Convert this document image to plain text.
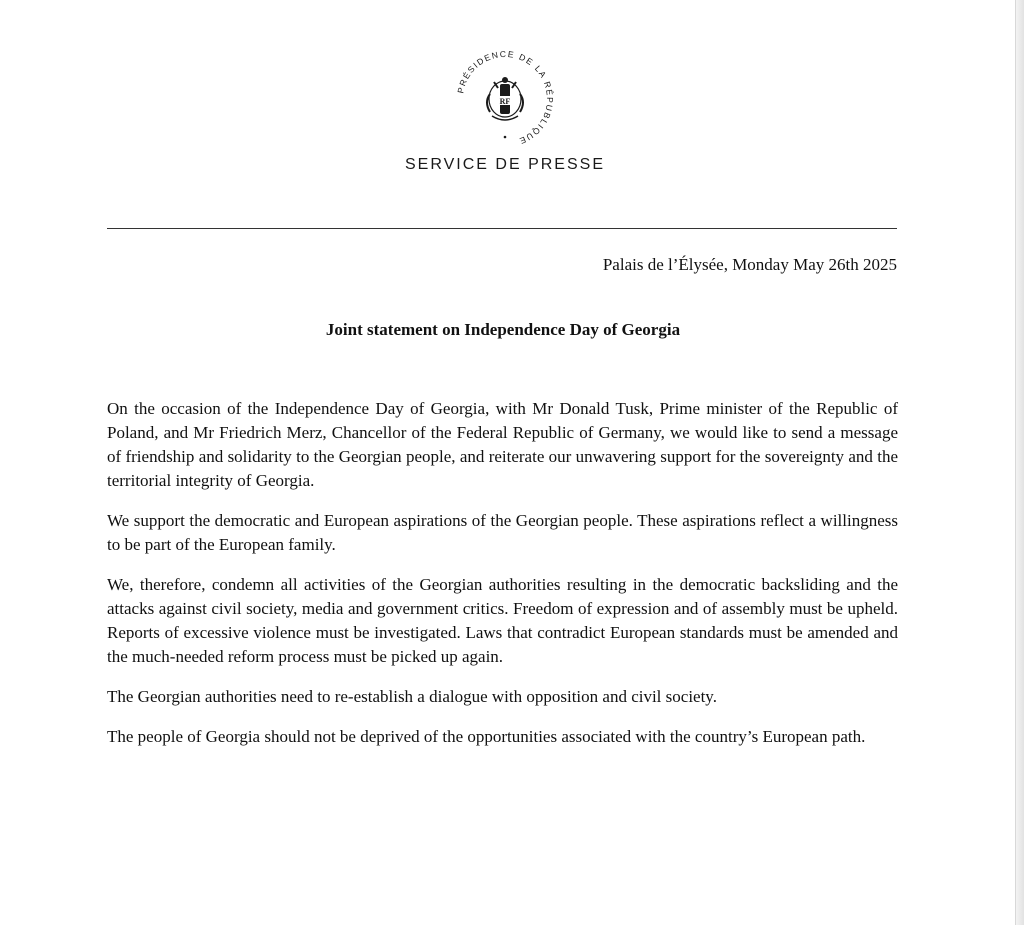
PRÉSIDENCE DE LA RÉPUBLIQUE
RF
SERVICE DE PRESSE
Palais de l’Élysée, Monday May 26th 2025
Joint statement on Independence Day of Georgia

On the occasion of the Independence Day of Georgia, with Mr Donald Tusk, Prime minister of the Republic of Poland, and Mr Friedrich Merz, Chancellor of the Federal Republic of Germany, we would like to send a message of friendship and solidarity to the Georgian people, and reiterate our unwavering support for the sovereignty and the territorial integrity of Georgia.

We support the democratic and European aspirations of the Georgian people. These aspirations reflect a willingness to be part of the European family.

We, therefore, condemn all activities of the Georgian authorities resulting in the democratic backsliding and the attacks against civil society, media and government critics. Freedom of expression and of assembly must be upheld. Reports of excessive violence must be investigated. Laws that contradict European standards must be amended and the much-needed reform process must be picked up again.

The Georgian authorities need to re-establish a dialogue with opposition and civil society.

The people of Georgia should not be deprived of the opportunities associated with the country’s European path.
